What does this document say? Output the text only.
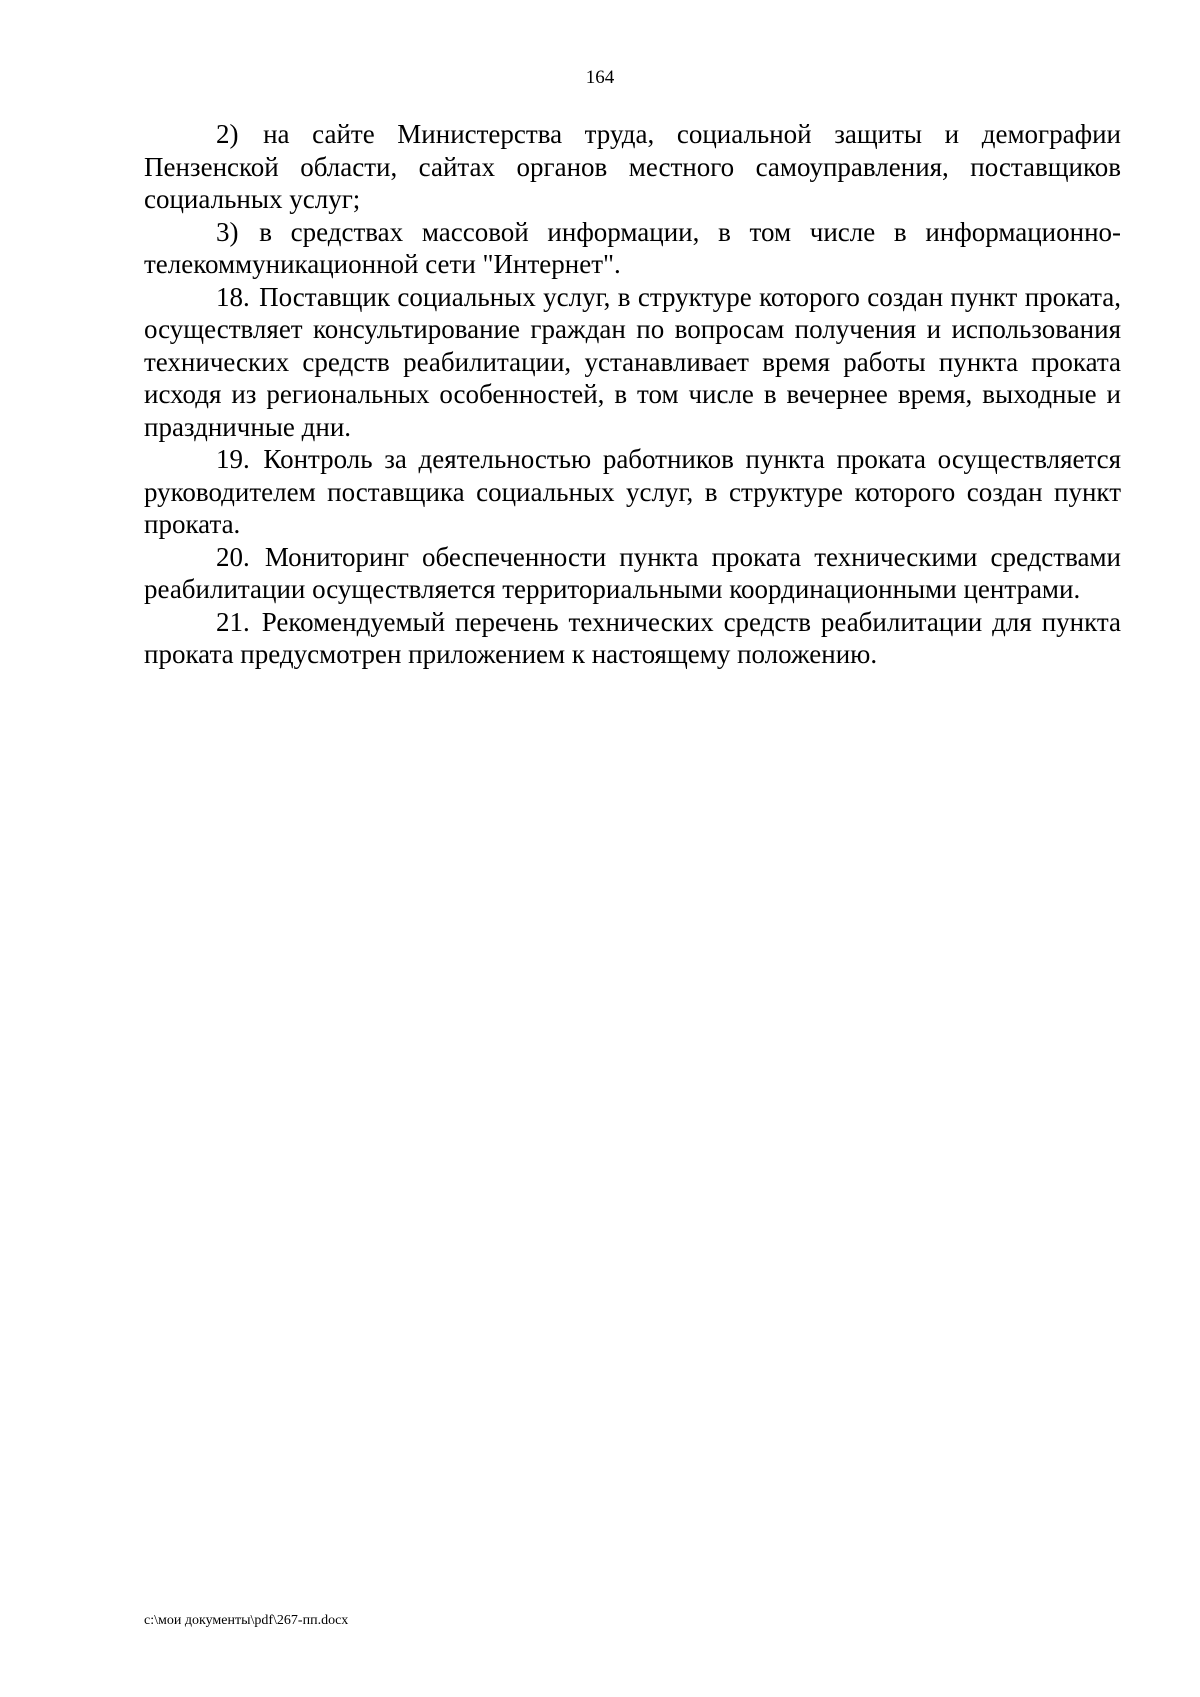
164

2) на сайте Министерства труда, социальной защиты и демографии Пензенской области, сайтах органов местного самоуправления, поставщиков социальных услуг;

3) в средствах массовой информации, в том числе в информационно-телекоммуникационной сети "Интернет".

18. Поставщик социальных услуг, в структуре которого создан пункт проката, осуществляет консультирование граждан по вопросам получения и использования технических средств реабилитации, устанавливает время работы пункта проката исходя из региональных особенностей, в том числе в вечернее время, выходные и праздничные дни.

19. Контроль за деятельностью работников пункта проката осуществляется руководителем поставщика социальных услуг, в структуре которого создан пункт проката.

20. Мониторинг обеспеченности пункта проката техническими средствами реабилитации осуществляется территориальными координационными центрами.

21. Рекомендуемый перечень технических средств реабилитации для пункта проката предусмотрен приложением к настоящему положению.

c:\мои документы\pdf\267-пп.docx
